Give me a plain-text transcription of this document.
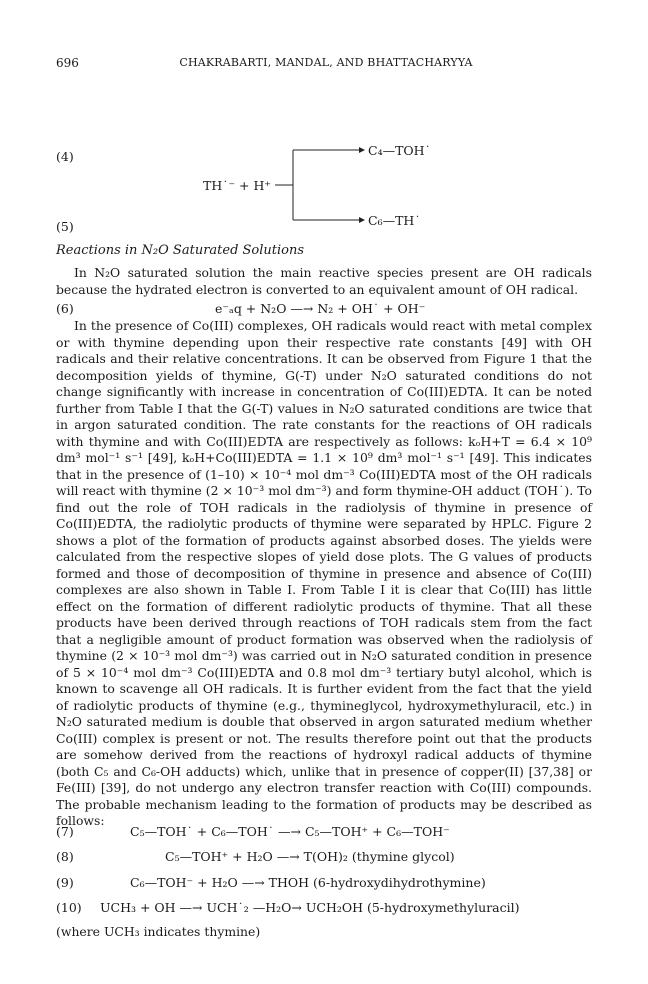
696	CHAKRABARTI, MANDAL, AND BHATTACHARYYA
(4)
(5)
TH˙⁻ + H⁺
C₄—TOH˙
C₆—TH˙
Reactions in N₂O Saturated Solutions

In N₂O saturated solution the main reactive species present are OH radicals because the hydrated electron is converted to an equivalent amount of OH radical.

(6)	e⁻ₐq + N₂O —→ N₂ + OH˙ + OH⁻

In the presence of Co(III) complexes, OH radicals would react with metal complex or with thymine depending upon their respective rate constants [49] with OH radicals and their relative concentrations. It can be observed from Figure 1 that the decomposition yields of thymine, G(-T) under N₂O saturated conditions do not change significantly with increase in concentration of Co(III)EDTA. It can be noted further from Table I that the G(-T) values in N₂O saturated conditions are twice that in argon saturated condition. The rate constants for the reactions of OH radicals with thymine and with Co(III)EDTA are respectively as follows: kₒH+T = 6.4 × 10⁹ dm³ mol⁻¹ s⁻¹ [49], kₒH+Co(III)EDTA = 1.1 × 10⁹ dm³ mol⁻¹ s⁻¹ [49]. This indicates that in the presence of (1–10) × 10⁻⁴ mol dm⁻³ Co(III)EDTA most of the OH radicals will react with thymine (2 × 10⁻³ mol dm⁻³) and form thymine-OH adduct (TOH˙). To find out the role of TOH radicals in the radiolysis of thymine in presence of Co(III)EDTA, the radiolytic products of thymine were separated by HPLC. Figure 2 shows a plot of the formation of products against absorbed doses. The yields were calculated from the respective slopes of yield dose plots. The G values of products formed and those of decomposition of thymine in presence and absence of Co(III) complexes are also shown in Table I. From Table I it is clear that Co(III) has little effect on the formation of different radiolytic products of thymine. That all these products have been derived through reactions of TOH radicals stem from the fact that a negligible amount of product formation was observed when the radiolysis of thymine (2 × 10⁻³ mol dm⁻³) was carried out in N₂O saturated condition in presence of 5 × 10⁻⁴ mol dm⁻³ Co(III)EDTA and 0.8 mol dm⁻³ tertiary butyl alcohol, which is known to scavenge all OH radicals. It is further evident from the fact that the yield of radiolytic products of thymine (e.g., thymineglycol, hydroxymethyluracil, etc.) in N₂O saturated medium is double that observed in argon saturated medium whether Co(III) complex is present or not. The results therefore point out that the products are somehow derived from the reactions of hydroxyl radical adducts of thymine (both C₅ and C₆-OH adducts) which, unlike that in presence of copper(II) [37,38] or Fe(III) [39], do not undergo any electron transfer reaction with Co(III) compounds. The probable mechanism leading to the formation of products may be described as follows:

(7)	C₅—TOH˙ + C₆—TOH˙ —→ C₅—TOH⁺ + C₆—TOH⁻
(8)	C₅—TOH⁺ + H₂O —→ T(OH)₂ (thymine glycol)
(9)	C₆—TOH⁻ + H₂O —→ THOH (6-hydroxydihydrothymine)
(10) UCH₃ + OH —→ UCH˙₂ —H₂O→ UCH₂OH (5-hydroxymethyluracil)
(where UCH₃ indicates thymine)
